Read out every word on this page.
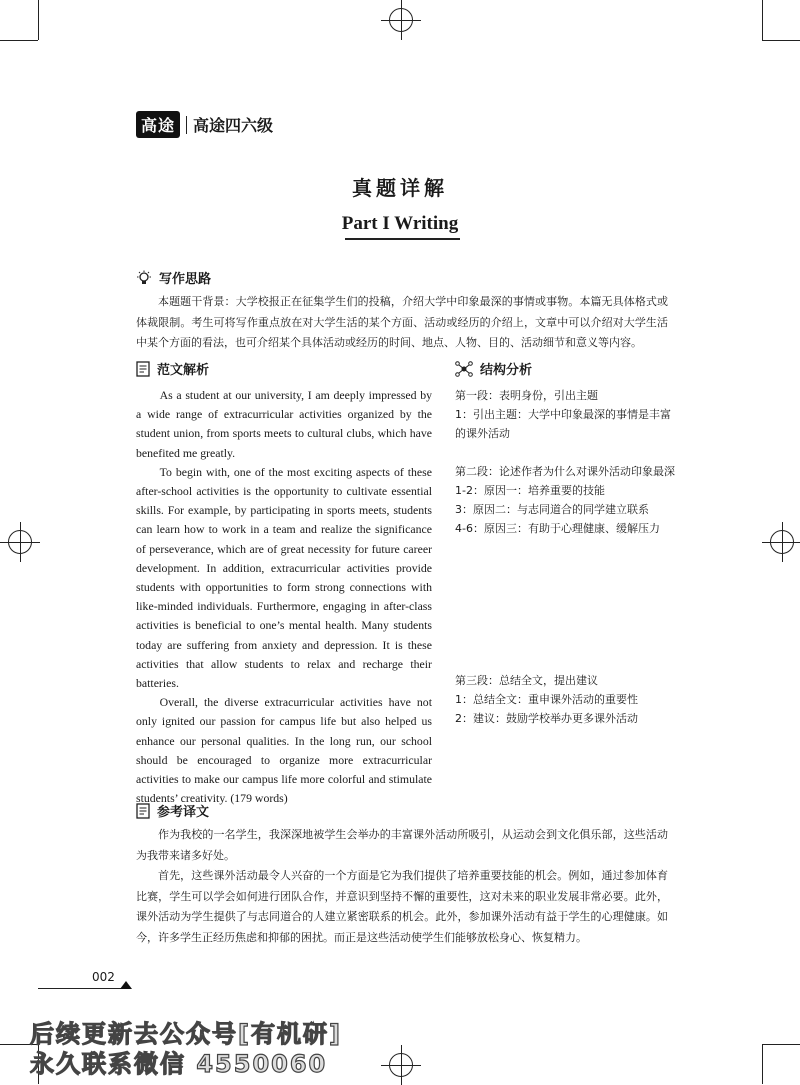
高途	高途四六级
真题详解
Part I Writing
写作思路
本题题干背景：大学校报正在征集学生们的投稿，介绍大学中印象最深的事情或事物。本篇无具体格式或体裁限制。考生可将写作重点放在对大学生活的某个方面、活动或经历的介绍上，文章中可以介绍对大学生活中某个方面的看法，也可介绍某个具体活动或经历的时间、地点、人物、目的、活动细节和意义等内容。
范文解析

As a student at our university, I am deeply impressed by a wide range of extracurricular activities organized by the student union, from sports meets to cultural clubs, which have benefited me greatly.

To begin with, one of the most exciting aspects of these after-school activities is the opportunity to cultivate essential skills. For example, by participating in sports meets, students can learn how to work in a team and realize the significance of perseverance, which are of great necessity for future career development. In addition, extracurricular activities provide students with opportunities to form strong connections with like-minded individuals. Furthermore, engaging in after-class activities is beneficial to one’s mental health. Many students today are suffering from anxiety and depression. It is these activities that allow students to relax and recharge their batteries.

Overall, the diverse extracurricular activities have not only ignited our passion for campus life but also helped us enhance our personal qualities. In the long run, our school should be encouraged to organize more extracurricular activities to make our campus life more colorful and stimulate students’ creativity. (179 words)

结构分析
第一段：表明身份，引出主题
1：引出主题：大学中印象最深的事情是丰富的课外活动
第二段：论述作者为什么对课外活动印象最深
1-2：原因一：培养重要的技能
3：原因二：与志同道合的同学建立联系
4-6：原因三：有助于心理健康、缓解压力
第三段：总结全文，提出建议
1：总结全文：重申课外活动的重要性
2：建议：鼓励学校举办更多课外活动
参考译文

作为我校的一名学生，我深深地被学生会举办的丰富课外活动所吸引，从运动会到文化俱乐部，这些活动为我带来诸多好处。

首先，这些课外活动最令人兴奋的一个方面是它为我们提供了培养重要技能的机会。例如，通过参加体育比赛，学生可以学会如何进行团队合作，并意识到坚持不懈的重要性，这对未来的职业发展非常必要。此外，课外活动为学生提供了与志同道合的人建立紧密联系的机会。此外，参加课外活动有益于学生的心理健康。如今，许多学生正经历焦虑和抑郁的困扰。而正是这些活动使学生们能够放松身心、恢复精力。

002
后续更新去公众号[有机研]
永久联系微信 4550060
